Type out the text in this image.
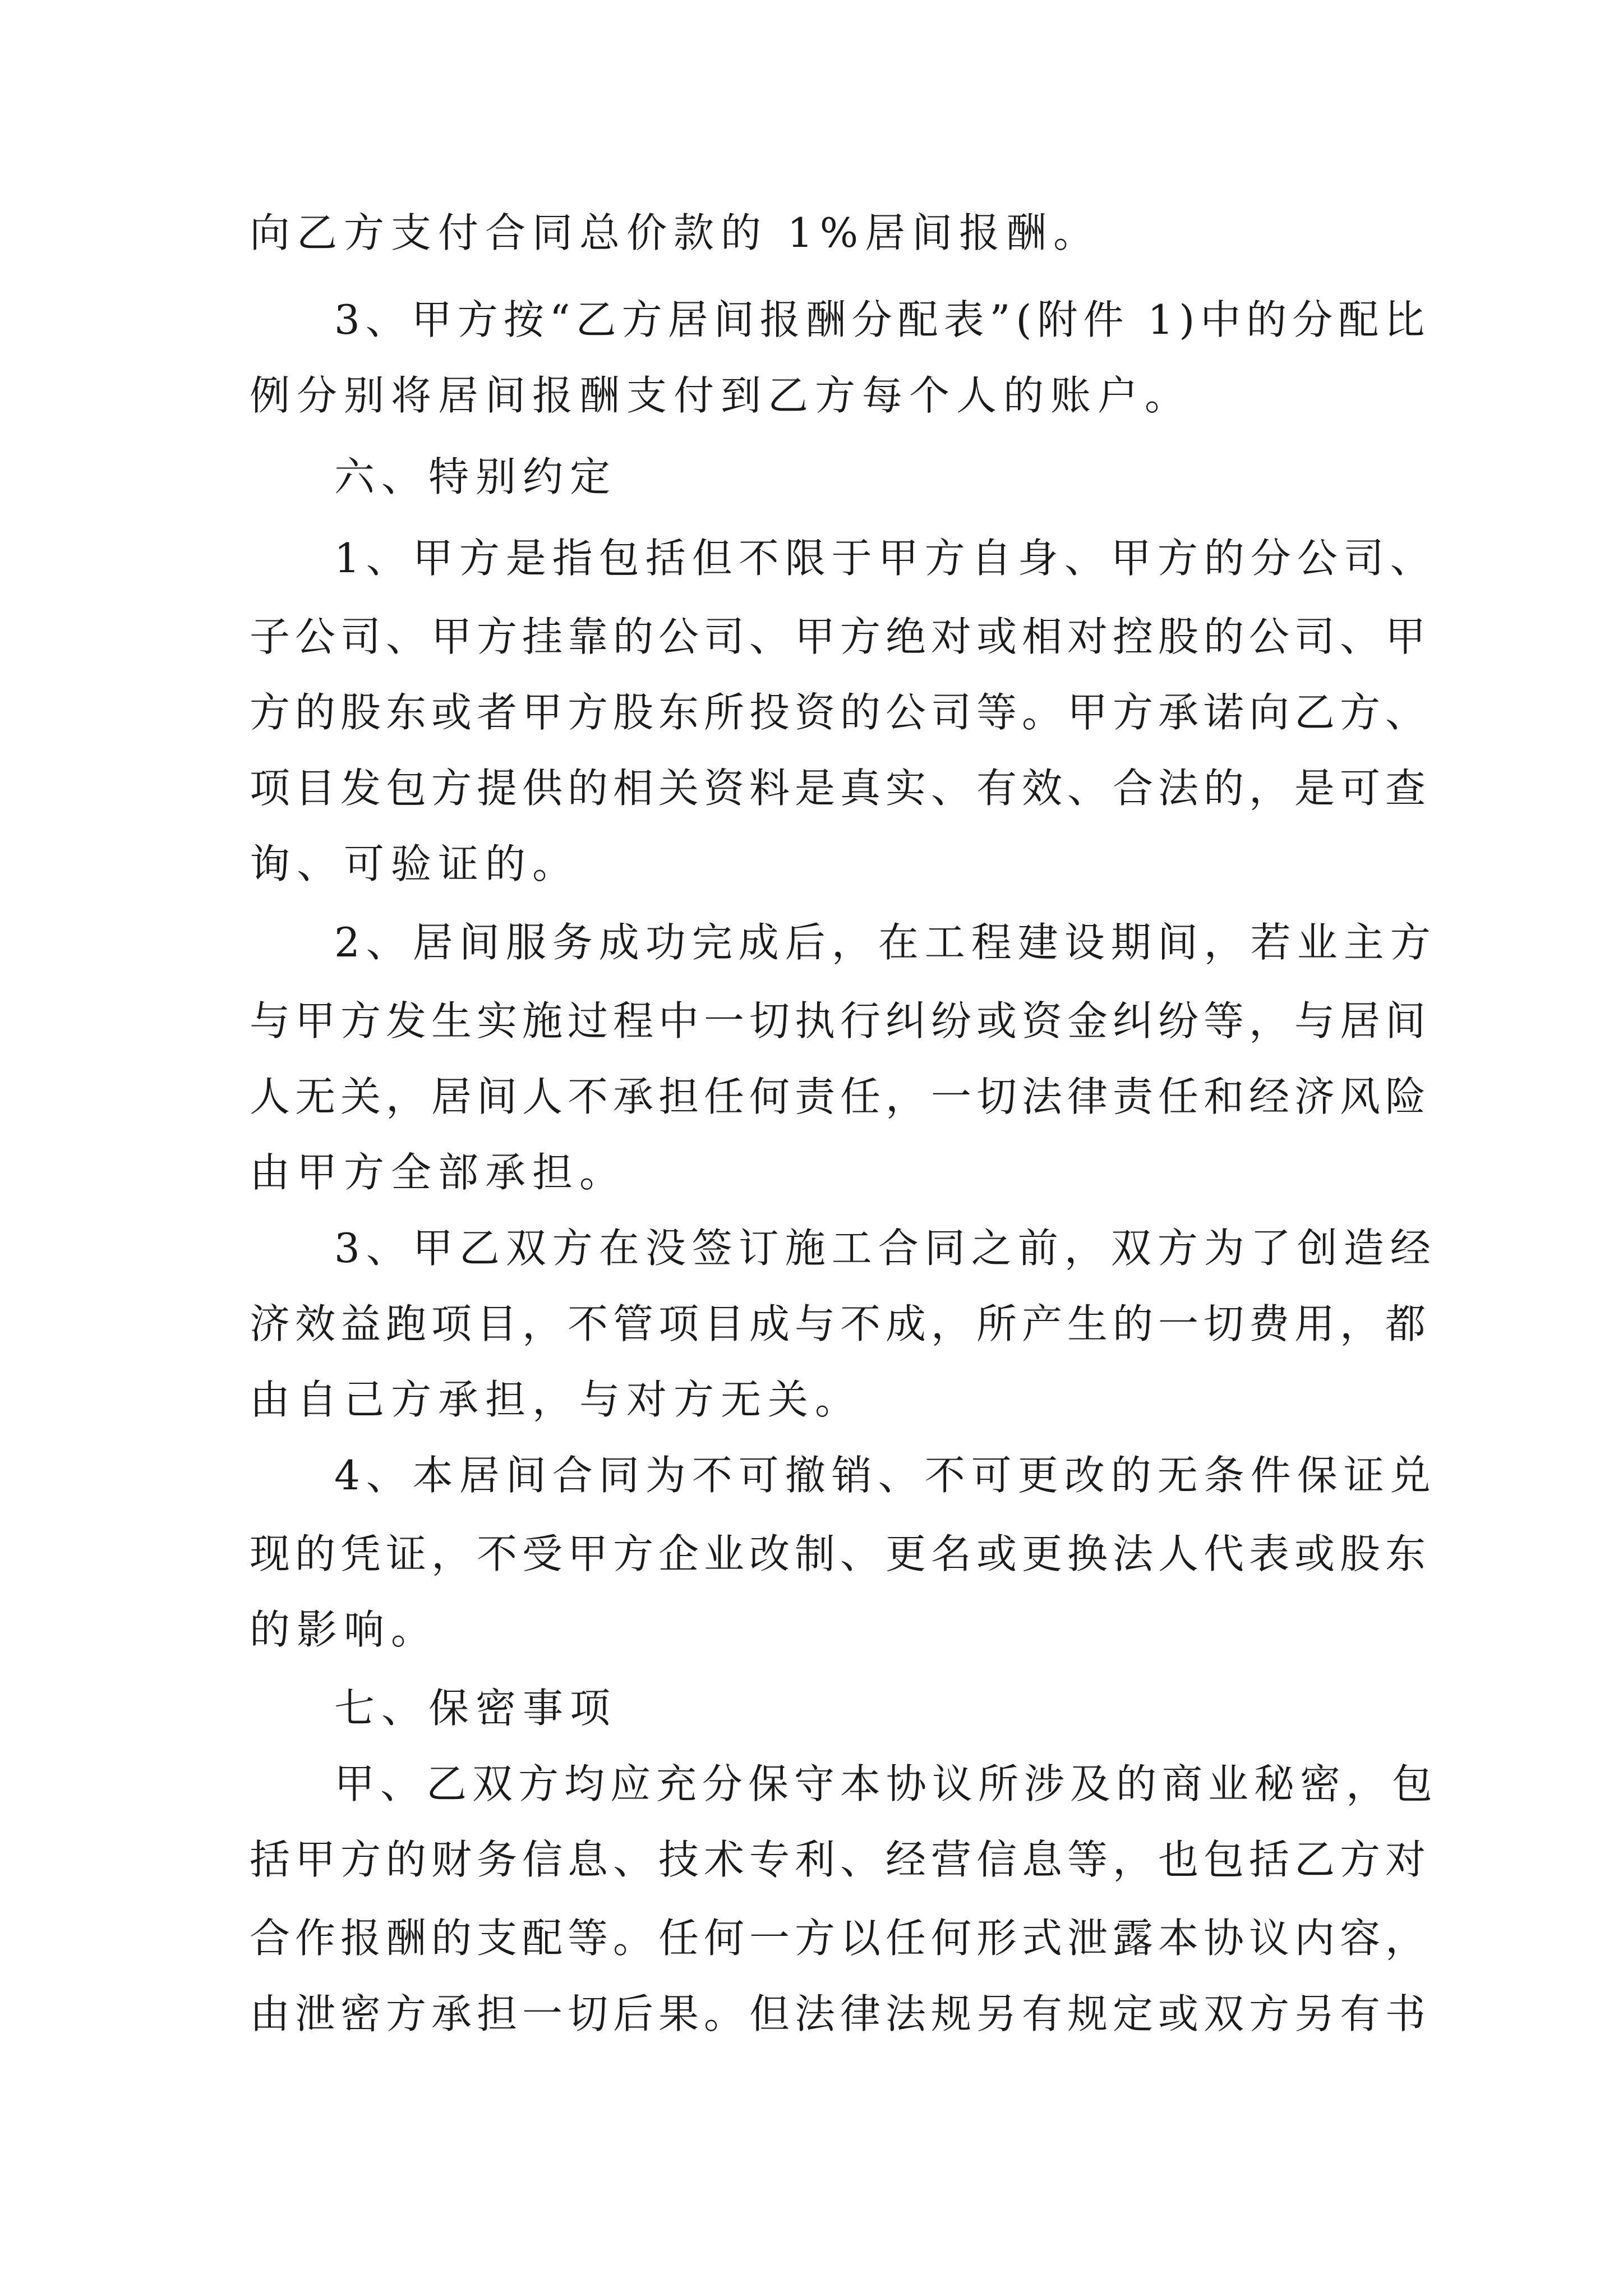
向乙方支付合同总价款的 1%居间报酬。
3、甲方按“乙方居间报酬分配表”(附件 1)中的分配比
例分别将居间报酬支付到乙方每个人的账户。
六、特别约定
1、甲方是指包括但不限于甲方自身、甲方的分公司、
子公司、甲方挂靠的公司、甲方绝对或相对控股的公司、甲
方的股东或者甲方股东所投资的公司等。甲方承诺向乙方、
项目发包方提供的相关资料是真实、有效、合法的，是可查
询、可验证的。
2、居间服务成功完成后，在工程建设期间，若业主方
与甲方发生实施过程中一切执行纠纷或资金纠纷等，与居间
人无关，居间人不承担任何责任，一切法律责任和经济风险
由甲方全部承担。
3、甲乙双方在没签订施工合同之前，双方为了创造经
济效益跑项目，不管项目成与不成，所产生的一切费用，都
由自己方承担，与对方无关。
4、本居间合同为不可撤销、不可更改的无条件保证兑
现的凭证，不受甲方企业改制、更名或更换法人代表或股东
的影响。
七、保密事项
甲、乙双方均应充分保守本协议所涉及的商业秘密，包
括甲方的财务信息、技术专利、经营信息等，也包括乙方对
合作报酬的支配等。任何一方以任何形式泄露本协议内容，
由泄密方承担一切后果。但法律法规另有规定或双方另有书
